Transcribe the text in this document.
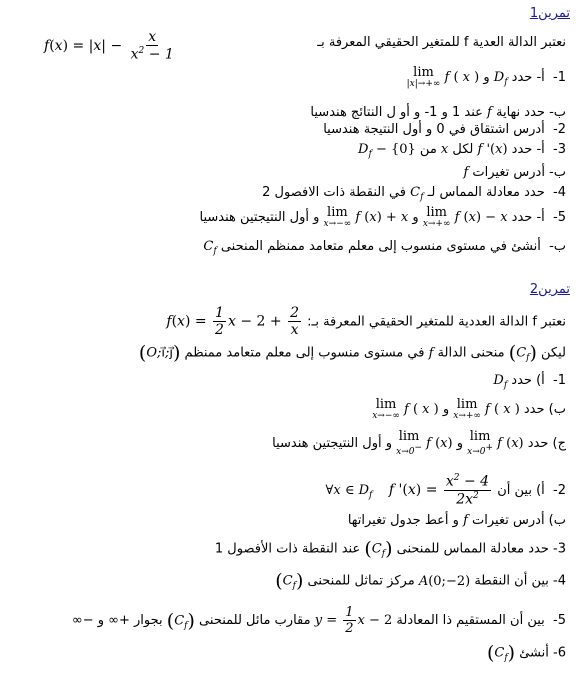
تمرين1
نعتبر الدالة العدية f للمتغير الحقيقي المعرفة بـ
$f(x) = |x| - \frac{x}{x^2 - 1}$
1-  أ- حدد $D_f$ و lim
|x|→+∞ f ( x )
ب- حدد نهاية f عند 1 و 1- و أو ل النتائج هندسيا
2-  أدرس اشتقاق في 0 و أول النتيجة هندسيا
3-  أ- حدد f '(x) لكل x من $D_f - \{0\}$
ب- أدرس تغيرات f
4-  حدد معادلة المماس لـ $C_f$ في النقطة ذات الافصول 2
5-  أ- حدد lim
x→+∞ f (x) − x و lim
x→−∞ f (x) + x و أول النتيجتين هندسيا
ب-  أنشئ في مستوى منسوب إلى معلم متعامد ممنظم المنحنى $C_f$
تمرين2
نعتبر f الدالة العددية للمتغير الحقيقي المعرفة بـ: $f(x) = \frac{1}{2}$ $x - 2 + \frac{2}{x}$
ليكن $(C_f)$ منحنى الدالة f في مستوى منسوب إلى معلم متعامد ممنظم (O;i⃗;j⃗)
1-  أ) حدد $D_f$
ب) حدد lim
x→+∞ f ( x ) و lim
x→−∞ f ( x )
ج) حدد lim
x→0+ f (x) و lim
x→0− f (x) و أول النتيجتين هندسيا
2-  أ) بين أن f '$(x) = \frac{x^2 - 4}{2x^2}$
∀x ∈ $D_f$
ب) أدرس تغيرات f و أعط جدول تغيراتها
3- حدد معادلة المماس للمنحنى $(C_f)$ عند النقطة ذات الأفصول 1
4- بين أن النقطة A(0;−2) مركز تماثل للمنحنى $(C_f)$
5-  بين أن المستقيم ذا المعادلة $y = \frac{1}{2}$ x − 2 مقارب مائل للمنحنى $(C_f)$ بجوار +∞ و −∞
6- أنشئ $(C_f)$
